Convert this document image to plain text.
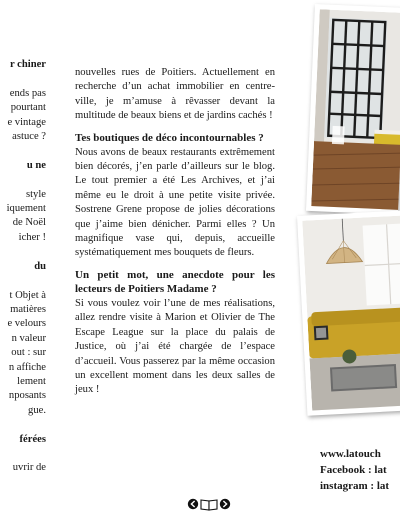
r chiner

ends pas
pourtant
e vintage
astuce ?

u ne

style
iquement
de Noël
icher !

du

t Objet à
matières
e velours
n valeur
out : sur
n affiche
lement
nposants
gue.

férées

uvrir de

nouvelles rues de Poitiers. Actuellement en recherche d’un achat immobilier en centre-ville, je m’amuse à rêvasser devant la multitude de beaux biens et de jardins cachés !

Tes boutiques de déco incontournables ?

Nous avons de beaux restaurants extrêmement bien décorés, j’en parle d’ailleurs sur le blog. Le tout premier a été Les Archives, et j’ai même eu le droit à une petite visite privée. Sostrene Grene propose de jolies décorations que j’aime bien dénicher. Parmi elles ? Un magnifique vase qui, depuis, accueille systématiquement mes bouquets de fleurs.

Un petit mot, une anecdote pour les lecteurs de Poitiers Madame ?

Si vous voulez voir l’une de mes réalisations, allez rendre visite à Marion et Olivier de The Escape League sur la place du palais de Justice, où j’ai été chargée de l’espace d’accueil. Vous passerez par la même occasion un excellent moment dans les deux salles de jeux !

www.latouch
Facebook : lat
instagram : lat
